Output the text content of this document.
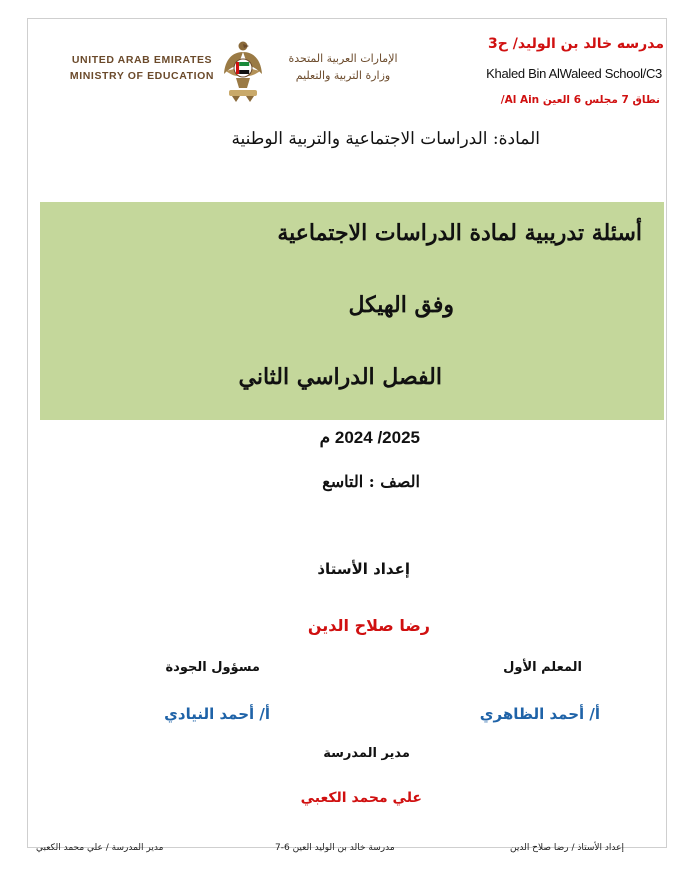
UNITED ARAB EMIRATES
MINISTRY OF EDUCATION
الإمارات العربية المتحدة
وزارة التربية والتعليم
مدرسه خالد بن الوليد/ ح3
Khaled Bin AlWaleed School/C3
نطاق 7 مجلس 6 العين Al Ain/
المادة: الدراسات الاجتماعية والتربية الوطنية
أسئلة تدريبية لمادة الدراسات الاجتماعية
وفق الهيكل
الفصل الدراسي الثاني
2025/ 2024 م
الصف : التاسع
إعداد الأستاذ
رضا صلاح الدين
مسؤول الجودة	المعلم الأول
أ/ أحمد النيادي	أ/ أحمد الظاهري
مدير المدرسة
علي محمد الكعبي
مدير المدرسة / علي محمد الكعبي	مدرسة خالد بن الوليد العين 6-7	إعداد الأستاذ / رضا صلاح الدين
